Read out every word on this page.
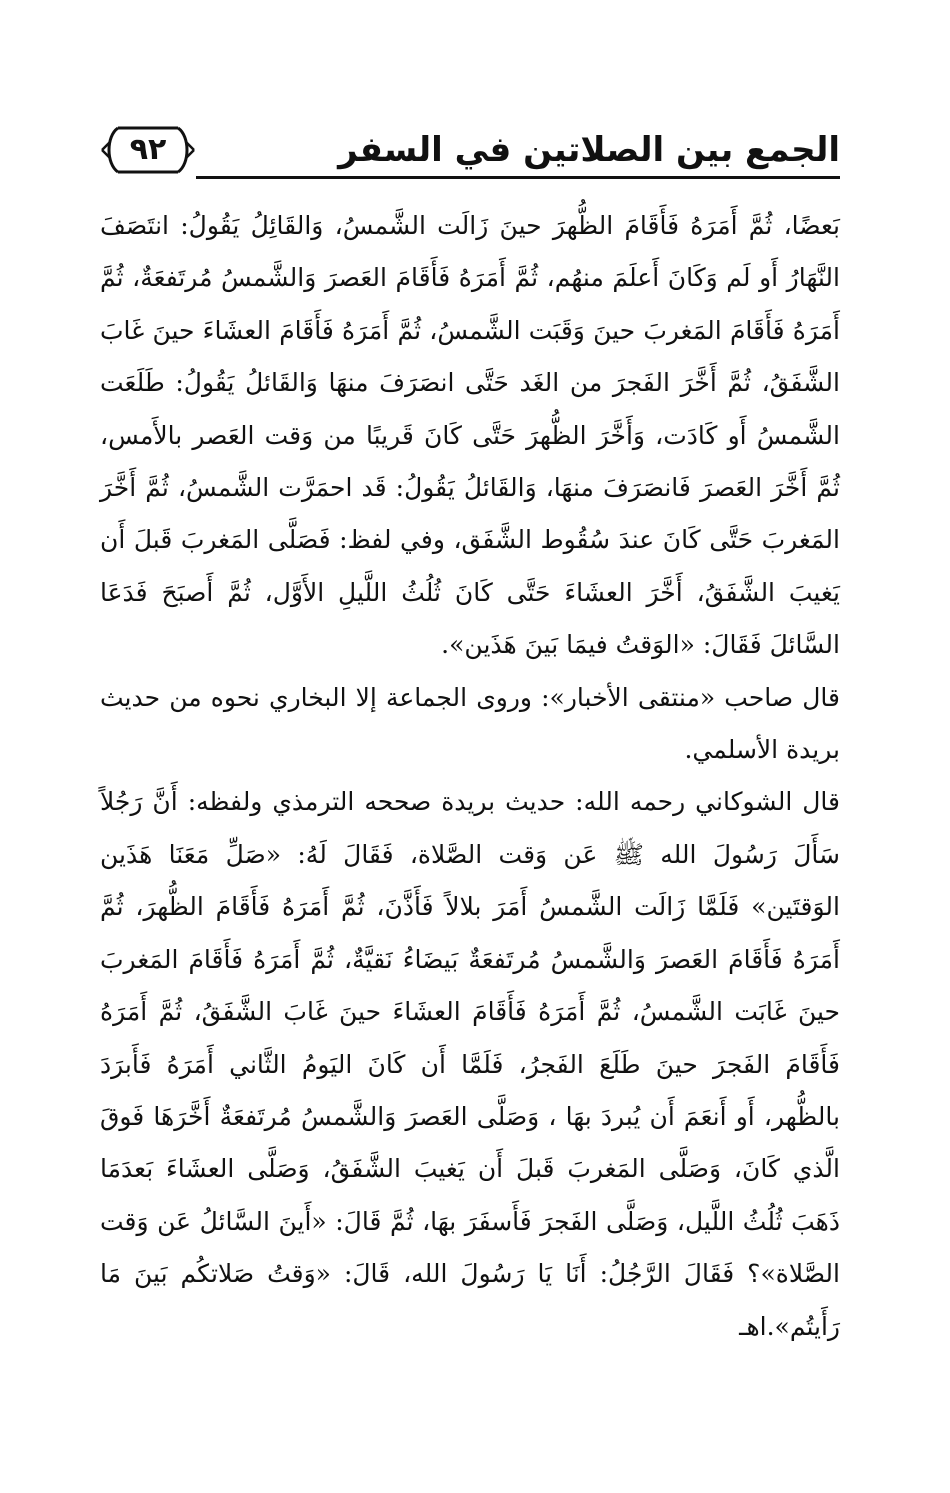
الجمع بين الصلاتين في السفر
٩٢

بَعضًا، ثُمَّ أَمَرَهُ فَأَقَامَ الظُّهرَ حينَ زَالَت الشَّمسُ، وَالقَائِلُ يَقُولُ: انتَصَفَ النَّهَارُ أَو لَم وَكَانَ أَعلَمَ منهُم، ثُمَّ أَمَرَهُ فَأَقَامَ العَصرَ وَالشَّمسُ مُرتَفعَةٌ، ثُمَّ أَمَرَهُ فَأَقَامَ المَغربَ حينَ وَقَبَت الشَّمسُ، ثُمَّ أَمَرَهُ فَأَقَامَ العشَاءَ حينَ غَابَ الشَّفَقُ، ثُمَّ أَخَّرَ الفَجرَ من الغَد حَتَّى انصَرَفَ منهَا وَالقَائلُ يَقُولُ: طَلَعَت الشَّمسُ أَو كَادَت، وَأَخَّرَ الظُّهرَ حَتَّى كَانَ قَريبًا من وَقت العَصر بالأَمس، ثُمَّ أَخَّرَ العَصرَ فَانصَرَفَ منهَا، وَالقَائلُ يَقُولُ: قَد احمَرَّت الشَّمسُ، ثُمَّ أَخَّرَ المَغربَ حَتَّى كَانَ عندَ سُقُوط الشَّفَق، وفي لفظ: فَصَلَّى المَغربَ قَبلَ أَن يَغيبَ الشَّفَقُ، أَخَّرَ العشَاءَ حَتَّى كَانَ ثُلُثُ اللَّيلِ الأَوَّل، ثُمَّ أَصبَحَ فَدَعَا السَّائلَ فَقَالَ: «الوَقتُ فيمَا بَينَ هَذَين».

قال صاحب «منتقى الأخبار»: وروى الجماعة إلا البخاري نحوه من حديث بريدة الأسلمي.

قال الشوكاني رحمه الله: حديث بريدة صححه الترمذي ولفظه: أَنَّ رَجُلاً سَأَلَ رَسُولَ الله ﷺ عَن وَقت الصَّلاة، فَقَالَ لَهُ: «صَلِّ مَعَنَا هَذَين الوَقتَين» فَلَمَّا زَالَت الشَّمسُ أَمَرَ بلالاً فَأَذَّنَ، ثُمَّ أَمَرَهُ فَأَقَامَ الظُّهرَ، ثُمَّ أَمَرَهُ فَأَقَامَ العَصرَ وَالشَّمسُ مُرتَفعَةٌ بَيضَاءُ نَقيَّةٌ، ثُمَّ أَمَرَهُ فَأَقَامَ المَغربَ حينَ غَابَت الشَّمسُ، ثُمَّ أَمَرَهُ فَأَقَامَ العشَاءَ حينَ غَابَ الشَّفَقُ، ثُمَّ أَمَرَهُ فَأَقَامَ الفَجرَ حينَ طَلَعَ الفَجرُ، فَلَمَّا أَن كَانَ اليَومُ الثَّاني أَمَرَهُ فَأَبرَدَ بالظُّهر، أَو أَنعَمَ أَن يُبردَ بهَا ، وَصَلَّى العَصرَ وَالشَّمسُ مُرتَفعَةٌ أَخَّرَهَا فَوقَ الَّذي كَانَ، وَصَلَّى المَغربَ قَبلَ أَن يَغيبَ الشَّفَقُ، وَصَلَّى العشَاءَ بَعدَمَا ذَهَبَ ثُلُثُ اللَّيل، وَصَلَّى الفَجرَ فَأَسفَرَ بهَا، ثُمَّ قَالَ: «أَينَ السَّائلُ عَن وَقت الصَّلاة»؟ فَقَالَ الرَّجُلُ: أَنَا يَا رَسُولَ الله، قَالَ: «وَقتُ صَلاتكُم بَينَ مَا رَأَيتُم».اهـ
